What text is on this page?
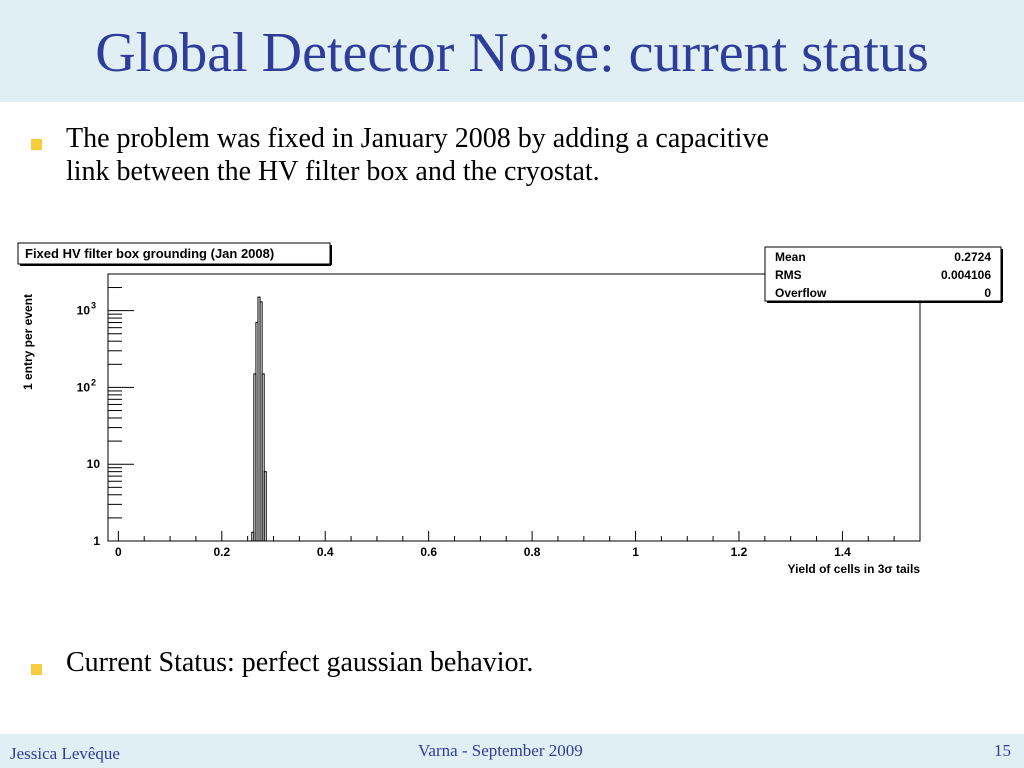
Global Detector Noise: current status
The problem was fixed in January 2008 by adding a capacitive
link between the HV filter box and the cryostat.
Fixed HV filter box grounding (Jan 2008)
0	0.2	0.4	0.6	0.8	1	1.2	1.4
1
10
10 2
10 3
Yield of cells in 3σ tails
1 entry per event
Mean	0.2724
RMS	0.004106
Overflow	0
Current Status: perfect gaussian behavior.
Jessica Levêque	Varna - September 2009	15
